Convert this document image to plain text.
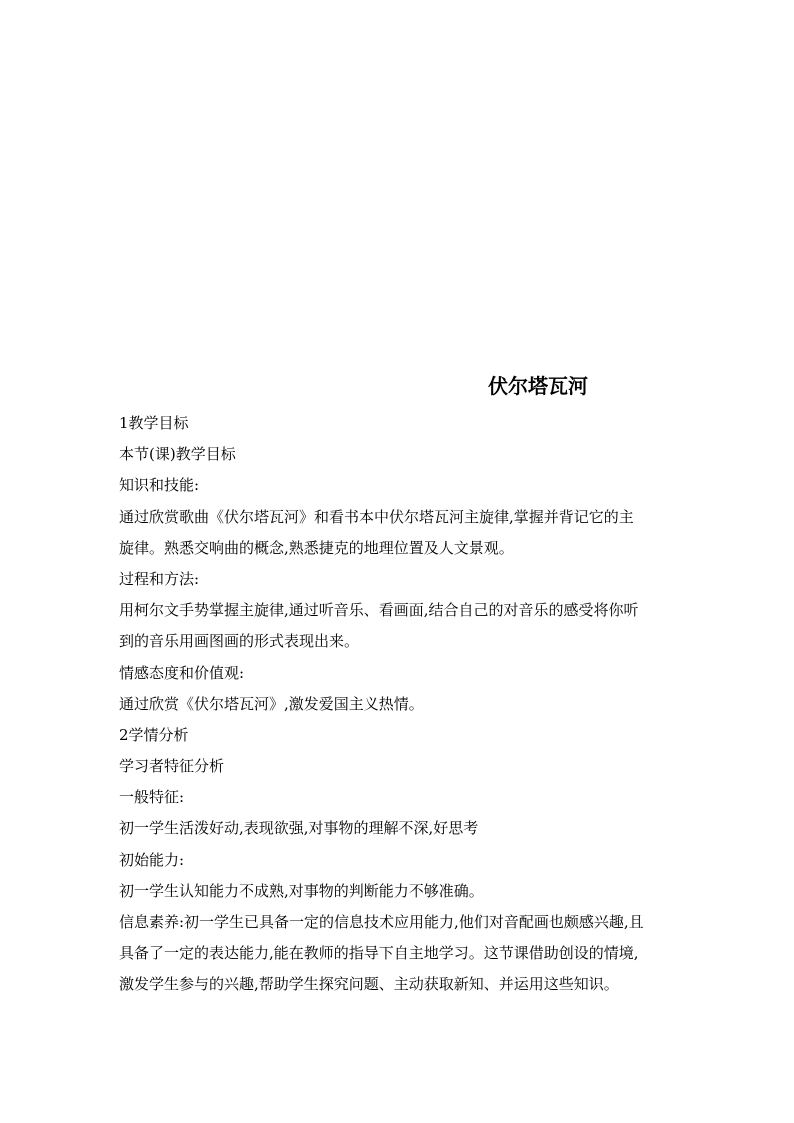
伏尔塔瓦河
1教学目标
本节(课)教学目标
知识和技能:
通过欣赏歌曲《伏尔塔瓦河》和看书本中伏尔塔瓦河主旋律,掌握并背记它的主
旋律。熟悉交响曲的概念,熟悉捷克的地理位置及人文景观。
过程和方法:
用柯尔文手势掌握主旋律,通过听音乐、看画面,结合自己的对音乐的感受将你听
到的音乐用画图画的形式表现出来。
情感态度和价值观:
通过欣赏《伏尔塔瓦河》,激发爱国主义热情。
2学情分析
学习者特征分析
一般特征:
初一学生活泼好动,表现欲强,对事物的理解不深,好思考
初始能力:
初一学生认知能力不成熟,对事物的判断能力不够准确。
信息素养:初一学生已具备一定的信息技术应用能力,他们对音配画也颇感兴趣,且
具备了一定的表达能力,能在教师的指导下自主地学习。这节课借助创设的情境,
激发学生参与的兴趣,帮助学生探究问题、主动获取新知、并运用这些知识。
